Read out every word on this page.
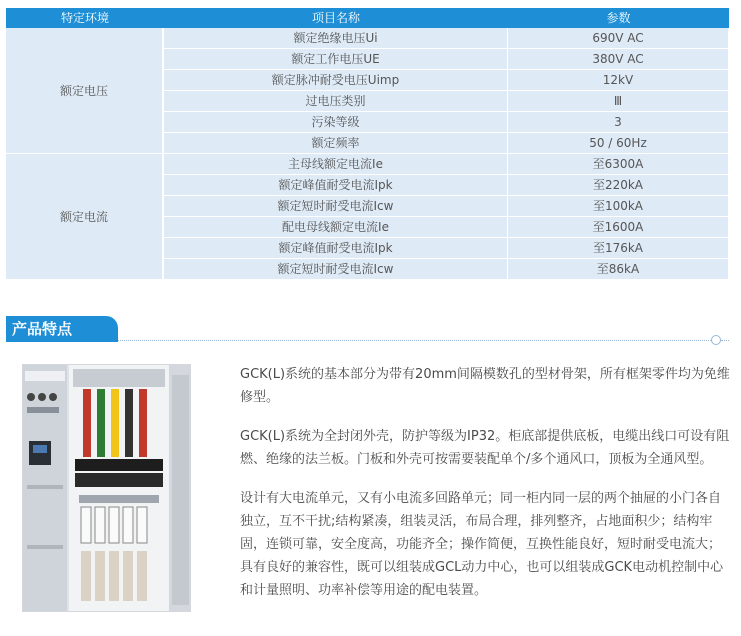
特定环境	项目名称	参数
额定电压	额定绝缘电压Ui	690V AC
	额定工作电压UE	380V AC
	额定脉冲耐受电压Uimp	12kV
	过电压类别	Ⅲ
	污染等级	3
	额定频率	50 / 60Hz
额定电流	主母线额定电流Ie	至6300A
	额定峰值耐受电流Ipk	至220kA
	额定短时耐受电流Icw	至100kA
	配电母线额定电流Ie	至1600A
	额定峰值耐受电流Ipk	至176kA
	额定短时耐受电流Icw	至86kA
产品特点

GCK(L)系统的基本部分为带有20mm间隔模数孔的型材骨架，所有框架零件均为免维修型。

GCK(L)系统为全封闭外壳，防护等级为IP32。柜底部提供底板，电缆出线口可设有阻燃、绝缘的法兰板。门板和外壳可按需要装配单个/多个通风口，顶板为全通风型。

设计有大电流单元，又有小电流多回路单元；同一柜内同一层的两个抽屉的小门各自独立，互不干扰;结构紧凑，组装灵活，布局合理，排列整齐，占地面积少；结构牢固，连锁可靠，安全度高，功能齐全；操作简便，互换性能良好，短时耐受电流大；具有良好的兼容性，既可以组装成GCL动力中心，也可以组装成GCK电动机控制中心和计量照明、功率补偿等用途的配电装置。
